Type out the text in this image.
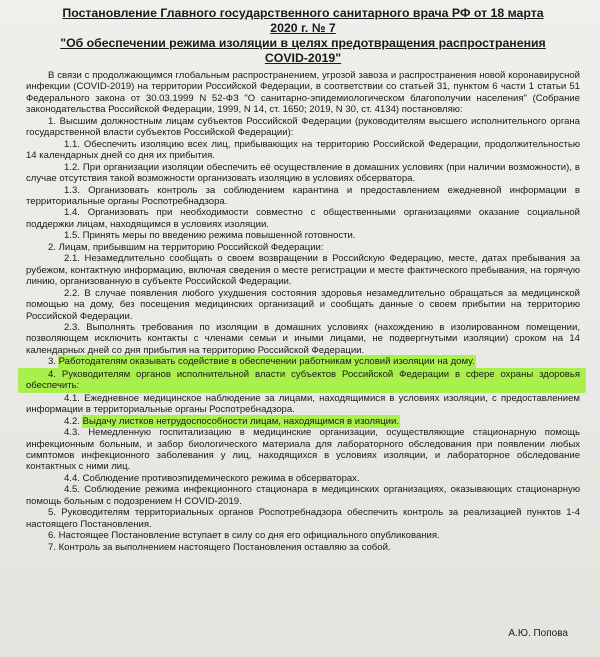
Постановление Главного государственного санитарного врача РФ от 18 марта
2020 г. № 7
"Об обеспечении режима изоляции в целях предотвращения распространения
COVID-2019"

В связи с продолжающимся глобальным распространением, угрозой завоза и распространения новой коронавирусной инфекции (COVID-2019) на территории Российской Федерации, в соответствии со статьей 31, пунктом 6 части 1 статьи 51 Федерального закона от 30.03.1999 N 52-ФЗ "О санитарно-эпидемиологическом благополучии населения" (Собрание законодательства Российской Федерации, 1999, N 14, ст. 1650; 2019, N 30, ст. 4134) постановляю:

1. Высшим должностным лицам субъектов Российской Федерации (руководителям высшего исполнительного органа государственной власти субъектов Российской Федерации):

1.1. Обеспечить изоляцию всех лиц, прибывающих на территорию Российской Федерации, продолжительностью 14 календарных дней со дня их прибытия.

1.2. При организации изоляции обеспечить её осуществление в домашних условиях (при наличии возможности), в случае отсутствия такой возможности организовать изоляцию в условиях обсерватора.

1.3. Организовать контроль за соблюдением карантина и предоставлением ежедневной информации в территориальные органы Роспотребнадзора.

1.4. Организовать при необходимости совместно с общественными организациями оказание социальной поддержки лицам, находящимся в условиях изоляции.

1.5. Принять меры по введению режима повышенной готовности.

2. Лицам, прибывшим на территорию Российской Федерации:

2.1. Незамедлительно сообщать о своем возвращении в Российскую Федерацию, месте, датах пребывания за рубежом, контактную информацию, включая сведения о месте регистрации и месте фактического пребывания, на горячую линию, организованную в субъекте Российской Федерации.

2.2. В случае появления любого ухудшения состояния здоровья незамедлительно обращаться за медицинской помощью на дому, без посещения медицинских организаций и сообщать данные о своем прибытии на территорию Российской Федерации.

2.3. Выполнять требования по изоляции в домашних условиях (нахождению в изолированном помещении, позволяющем исключить контакты с членами семьи и иными лицами, не подвергнутыми изоляции) сроком на 14 календарных дней со дня прибытия на территорию Российской Федерации.

3. Работодателям оказывать содействие в обеспечении работникам условий изоляции на дому.

4. Руководителям органов исполнительной власти субъектов Российской Федерации в сфере охраны здоровья обеспечить:

4.1. Ежедневное медицинское наблюдение за лицами, находящимися в условиях изоляции, с предоставлением информации в территориальные органы Роспотребнадзора.

4.2. Выдачу листков нетрудоспособности лицам, находящимся в изоляции.

4.3. Немедленную госпитализацию в медицинские организации, осуществляющие стационарную помощь инфекционным больным, и забор биологического материала для лабораторного обследования при появлении любых симптомов инфекционного заболевания у лиц, находящихся в условиях изоляции, и лабораторное обследование контактных с ними лиц.

4.4. Соблюдение противоэпидемического режима в обсерваторах.

4.5. Соблюдение режима инфекционного стационара в медицинских организациях, оказывающих стационарную помощь больным с подозрением Н COVID-2019.

5. Руководителям территориальных органов Роспотребнадзора обеспечить контроль за реализацией пунктов 1-4 настоящего Постановления.

6. Настоящее Постановление вступает в силу со дня его официального опубликования.

7. Контроль за выполнением настоящего Постановления оставляю за собой.

А.Ю. Попова
